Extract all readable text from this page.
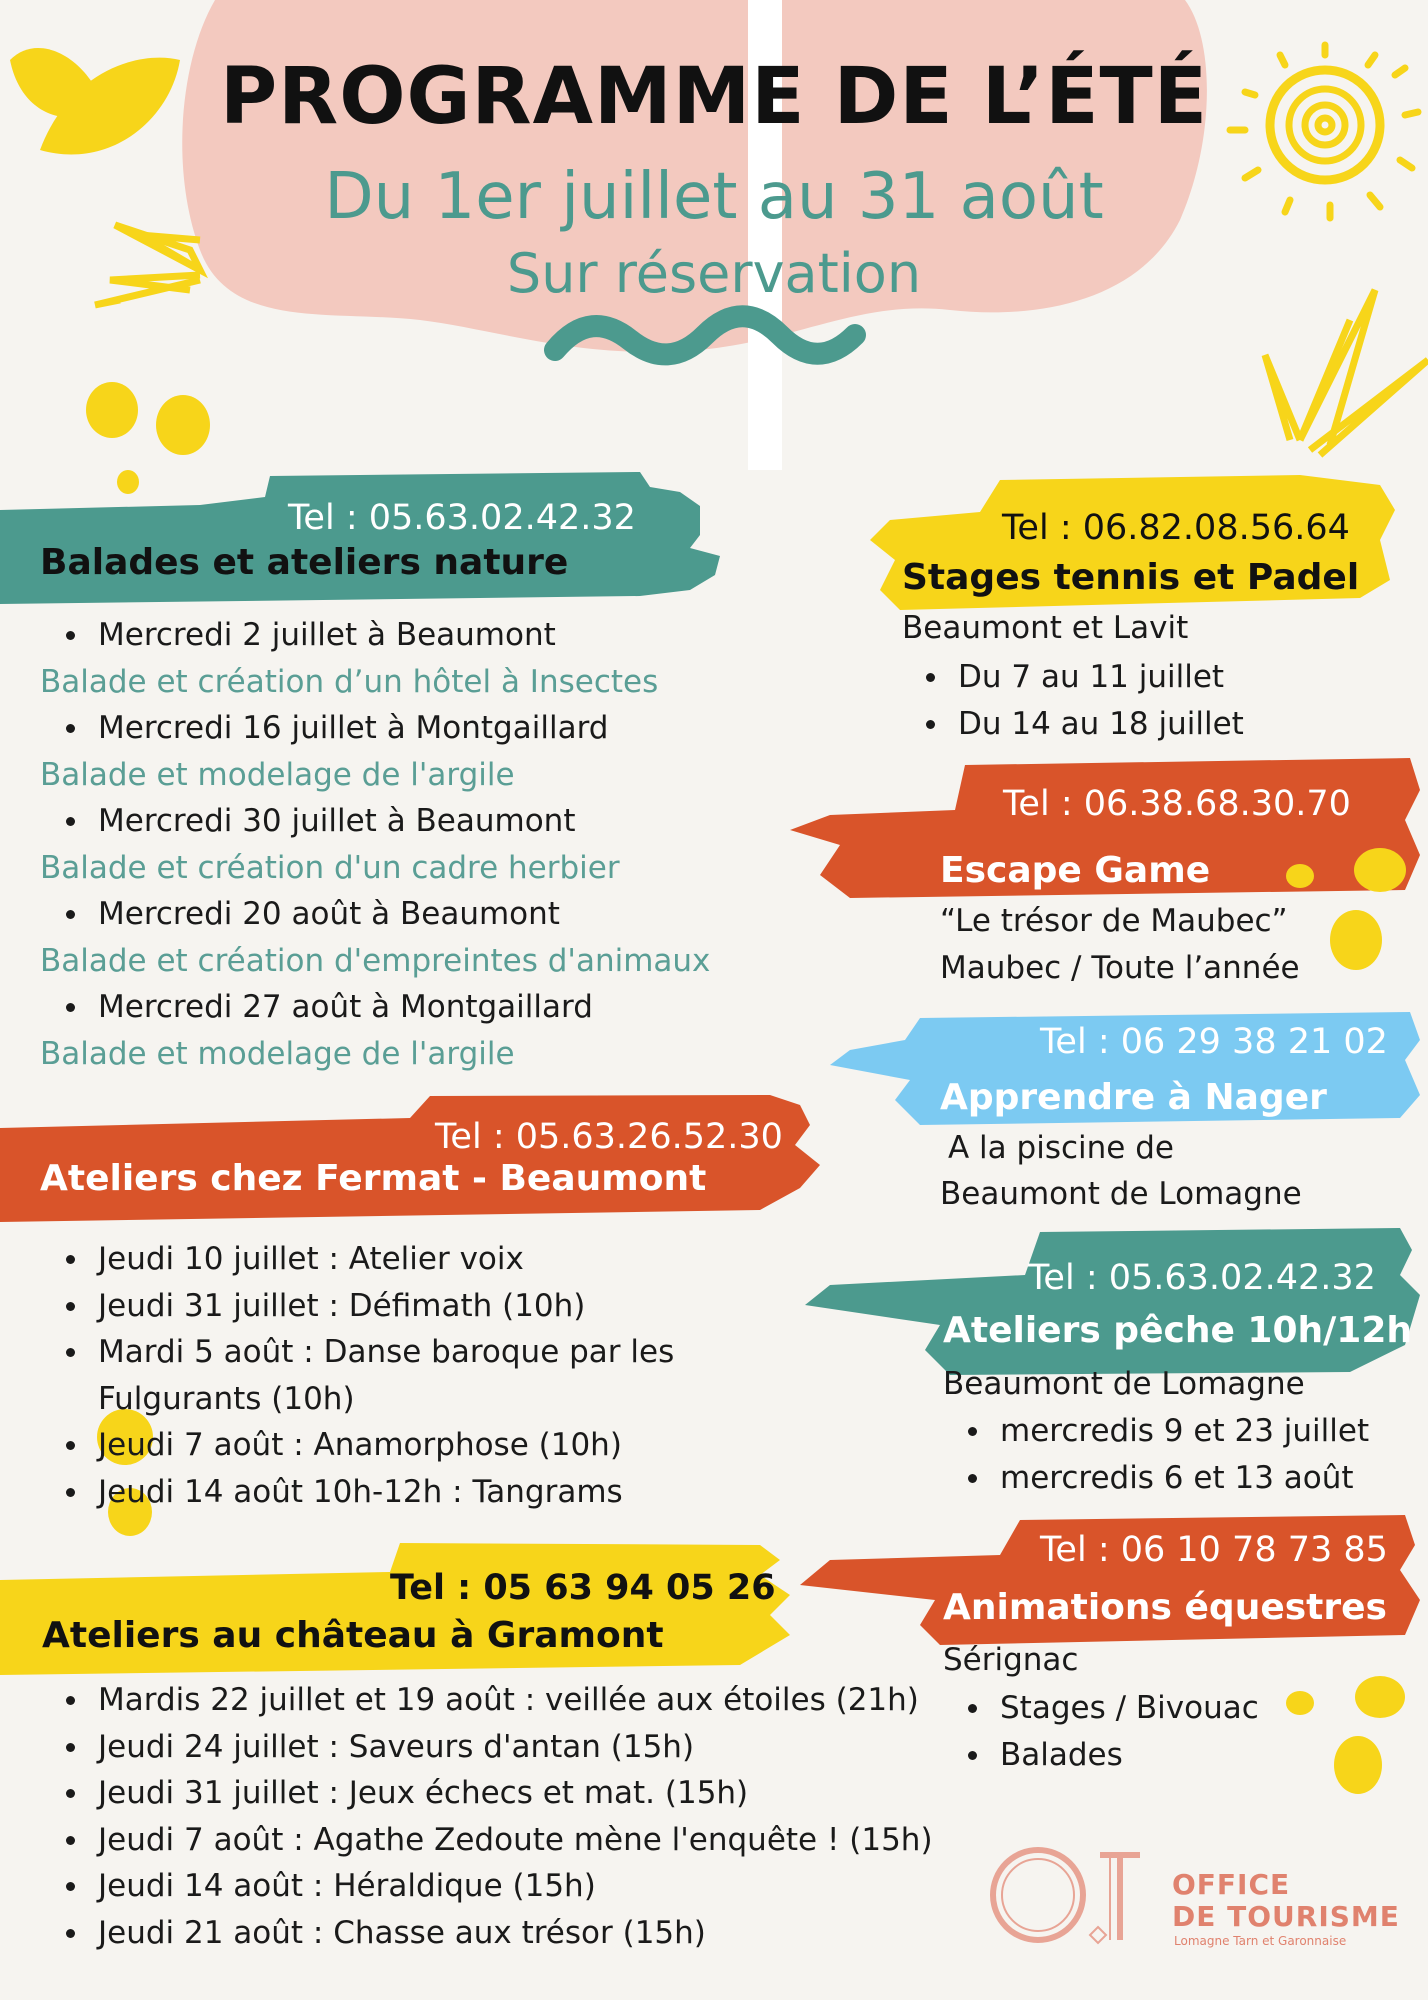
PROGRAMME DE L’ÉTÉ
Du 1er juillet au 31 août
Sur réservation
Tel : 05.63.02.42.32
Balades et ateliers nature
Mercredi 2 juillet à Beaumont
Balade et création d’un hôtel à Insectes
Mercredi 16 juillet à Montgaillard
Balade et modelage de l'argile
Mercredi 30 juillet à Beaumont
Balade et création d'un cadre herbier
Mercredi 20 août à Beaumont
Balade et création d'empreintes d'animaux
Mercredi 27 août à Montgaillard
Balade et modelage de l'argile
Tel : 05.63.26.52.30
Ateliers chez Fermat - Beaumont
Jeudi 10 juillet : Atelier voix
Jeudi 31 juillet : Défimath (10h)
Mardi 5 août : Danse baroque par les
Fulgurants (10h)
Jeudi 7 août : Anamorphose (10h)
Jeudi 14 août 10h-12h : Tangrams
Tel : 05 63 94 05 26
Ateliers au château à Gramont
Mardis 22 juillet et 19 août : veillée aux étoiles (21h)
Jeudi 24 juillet : Saveurs d'antan (15h)
Jeudi 31 juillet : Jeux échecs et mat. (15h)
Jeudi 7 août : Agathe Zedoute mène l'enquête ! (15h)
Jeudi 14 août : Héraldique (15h)
Jeudi 21 août : Chasse aux trésor (15h)
Tel : 06.82.08.56.64
Stages tennis et Padel
Beaumont et Lavit
Du 7 au 11 juillet
Du 14 au 18 juillet
Tel : 06.38.68.30.70
Escape Game
“Le trésor de Maubec”
Maubec / Toute l’année
Tel : 06 29 38 21 02
Apprendre à Nager
A la piscine de
Beaumont de Lomagne
Tel : 05.63.02.42.32
Ateliers pêche 10h/12h
Beaumont de Lomagne
mercredis 9 et 23 juillet
mercredis 6 et 13 août
Tel : 06 10 78 73 85
Animations équestres
Sérignac
Stages / Bivouac
Balades
O.T
OFFICE
DE TOURISME
Lomagne Tarn et Garonnaise
